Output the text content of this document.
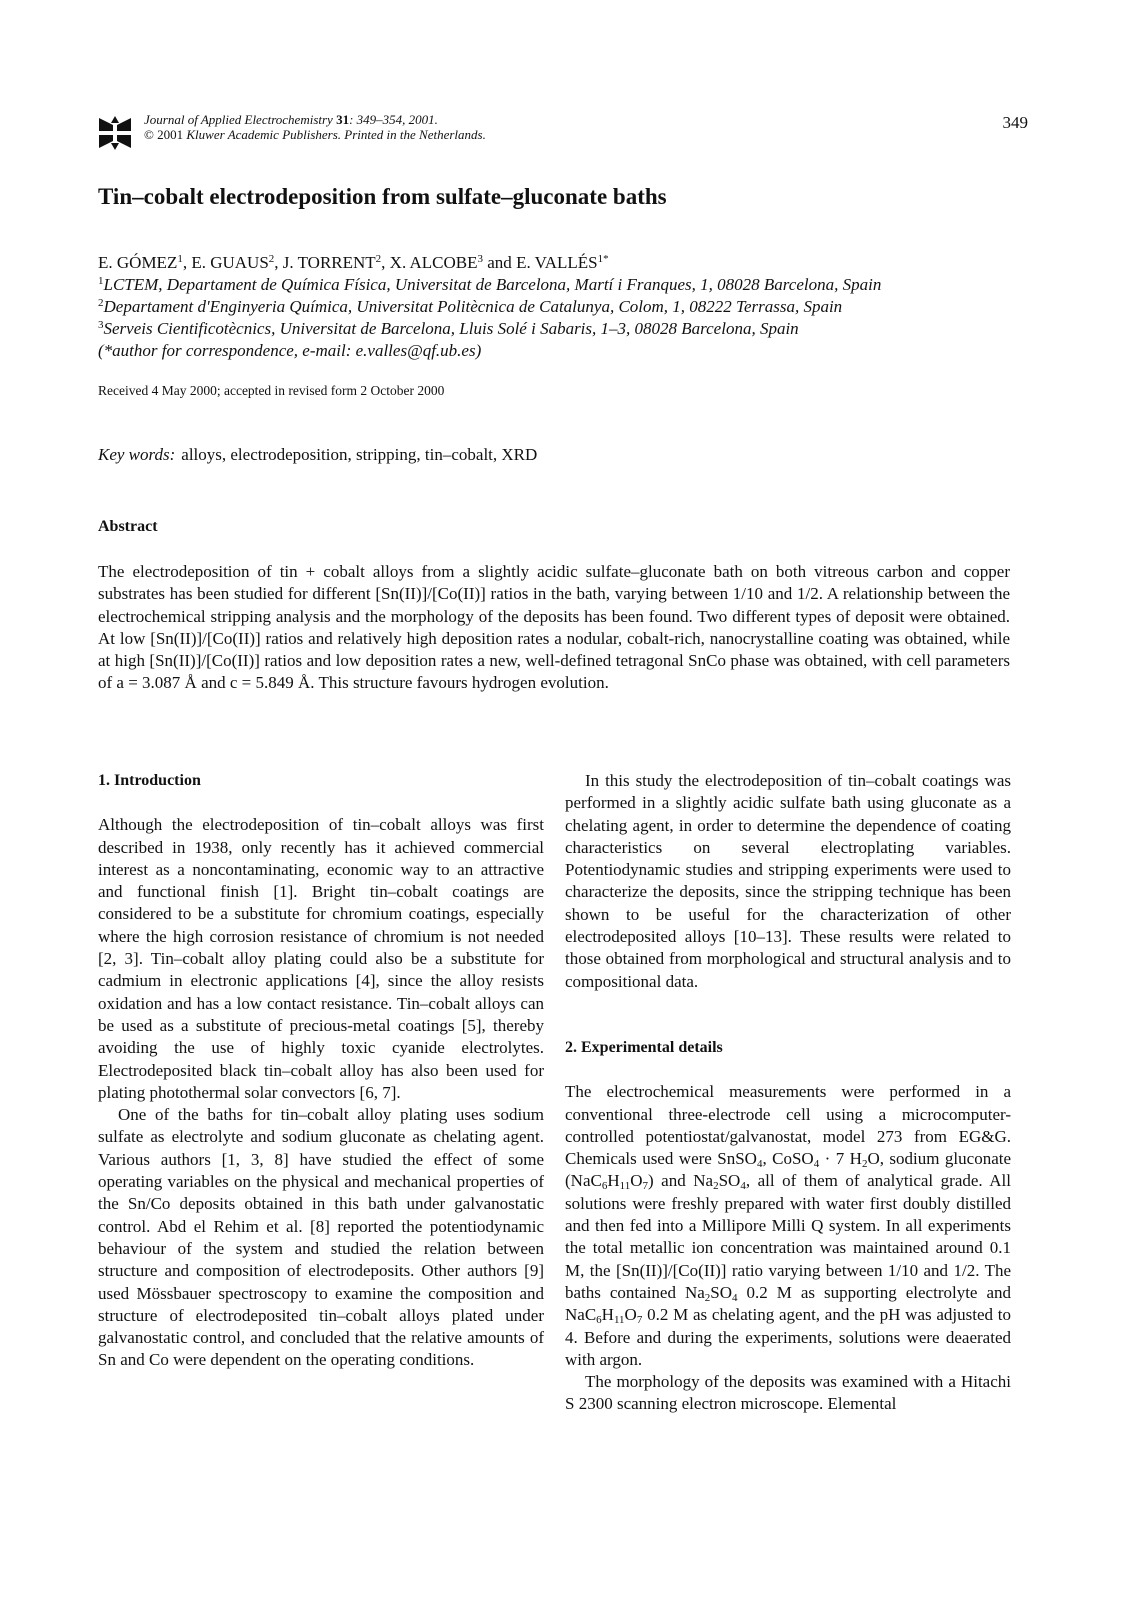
Journal of Applied Electrochemistry 31: 349–354, 2001.
© 2001 Kluwer Academic Publishers. Printed in the Netherlands.
349
Tin–cobalt electrodeposition from sulfate–gluconate baths
E. GÓMEZ$^1$, E. GUAUS$^2$, J. TORRENT$^2$, X. ALCOBE$^3$ and E. $VALLÉS^{1*}$
$^1$LCTEM, Departament de Química Física, Universitat de Barcelona, Martí i Franques, 1, 08028 Barcelona, Spain
$^2$Departament d'Enginyeria Química, Universitat Politècnica de Catalunya, Colom, 1, 08222 Terrassa, Spain
$^3$Serveis Cientificotècnics, Universitat de Barcelona, Lluis Solé i Sabaris, 1–3, 08028 Barcelona, Spain
(*author for correspondence, e-mail: e.valles@qf.ub.es)
Received 4 May 2000; accepted in revised form 2 October 2000
Key words: alloys, electrodeposition, stripping, tin–cobalt, XRD
Abstract
The electrodeposition of tin + cobalt alloys from a slightly acidic sulfate–gluconate bath on both vitreous carbon and copper substrates has been studied for different [Sn(II)]/[Co(II)] ratios in the bath, varying between 1/10 and 1/2. A relationship between the electrochemical stripping analysis and the morphology of the deposits has been found. Two different types of deposit were obtained. At low [Sn(II)]/[Co(II)] ratios and relatively high deposition rates a nodular, cobalt-rich, nanocrystalline coating was obtained, while at high [Sn(II)]/[Co(II)] ratios and low deposition rates a new, well-defined tetragonal SnCo phase was obtained, with cell parameters of a = 3.087 Å and c = 5.849 Å. This structure favours hydrogen evolution.

1. Introduction

Although the electrodeposition of tin–cobalt alloys was first described in 1938, only recently has it achieved commercial interest as a noncontaminating, economic way to an attractive and functional finish [1]. Bright tin–cobalt coatings are considered to be a substitute for chromium coatings, especially where the high corrosion resistance of chromium is not needed [2, 3]. Tin–cobalt alloy plating could also be a substitute for cadmium in electronic applications [4], since the alloy resists oxidation and has a low contact resistance. Tin–cobalt alloys can be used as a substitute of precious-metal coatings [5], thereby avoiding the use of highly toxic cyanide electrolytes. Electrodeposited black tin–cobalt alloy has also been used for plating photothermal solar convectors [6, 7].

One of the baths for tin–cobalt alloy plating uses sodium sulfate as electrolyte and sodium gluconate as chelating agent. Various authors [1, 3, 8] have studied the effect of some operating variables on the physical and mechanical properties of the Sn/Co deposits obtained in this bath under galvanostatic control. Abd el Rehim et al. [8] reported the potentiodynamic behaviour of the system and studied the relation between structure and composition of electrodeposits. Other authors [9] used Mössbauer spectroscopy to examine the composition and structure of electrodeposited tin–cobalt alloys plated under galvanostatic control, and concluded that the relative amounts of Sn and Co were dependent on the operating conditions.

In this study the electrodeposition of tin–cobalt coatings was performed in a slightly acidic sulfate bath using gluconate as a chelating agent, in order to determine the dependence of coating characteristics on several electroplating variables. Potentiodynamic studies and stripping experiments were used to characterize the deposits, since the stripping technique has been shown to be useful for the characterization of other electrodeposited alloys [10–13]. These results were related to those obtained from morphological and structural analysis and to compositional data.

2. Experimental details

The electrochemical measurements were performed in a conventional three-electrode cell using a microcomputer-controlled potentiostat/galvanostat, model 273 from EG&G. Chemicals used were SnSO$_4$, CoSO$_4$ · 7 $H_2O$, sodium gluconate $(NaC_6H_{11}O_7)$ and $Na_2SO_4$, all of them of analytical grade. All solutions were freshly prepared with water first doubly distilled and then fed into a Millipore Milli Q system. In all experiments the total metallic ion concentration was maintained around 0.1 M, the [Sn(II)]/[Co(II)] ratio varying between 1/10 and 1/2. The baths contained $Na_2SO_4$ 0.2 M as supporting electrolyte and $NaC_6H_{11}O_7$ 0.2 M as chelating agent, and the pH was adjusted to 4. Before and during the experiments, solutions were deaerated with argon.

The morphology of the deposits was examined with a Hitachi S 2300 scanning electron microscope. Elemental
